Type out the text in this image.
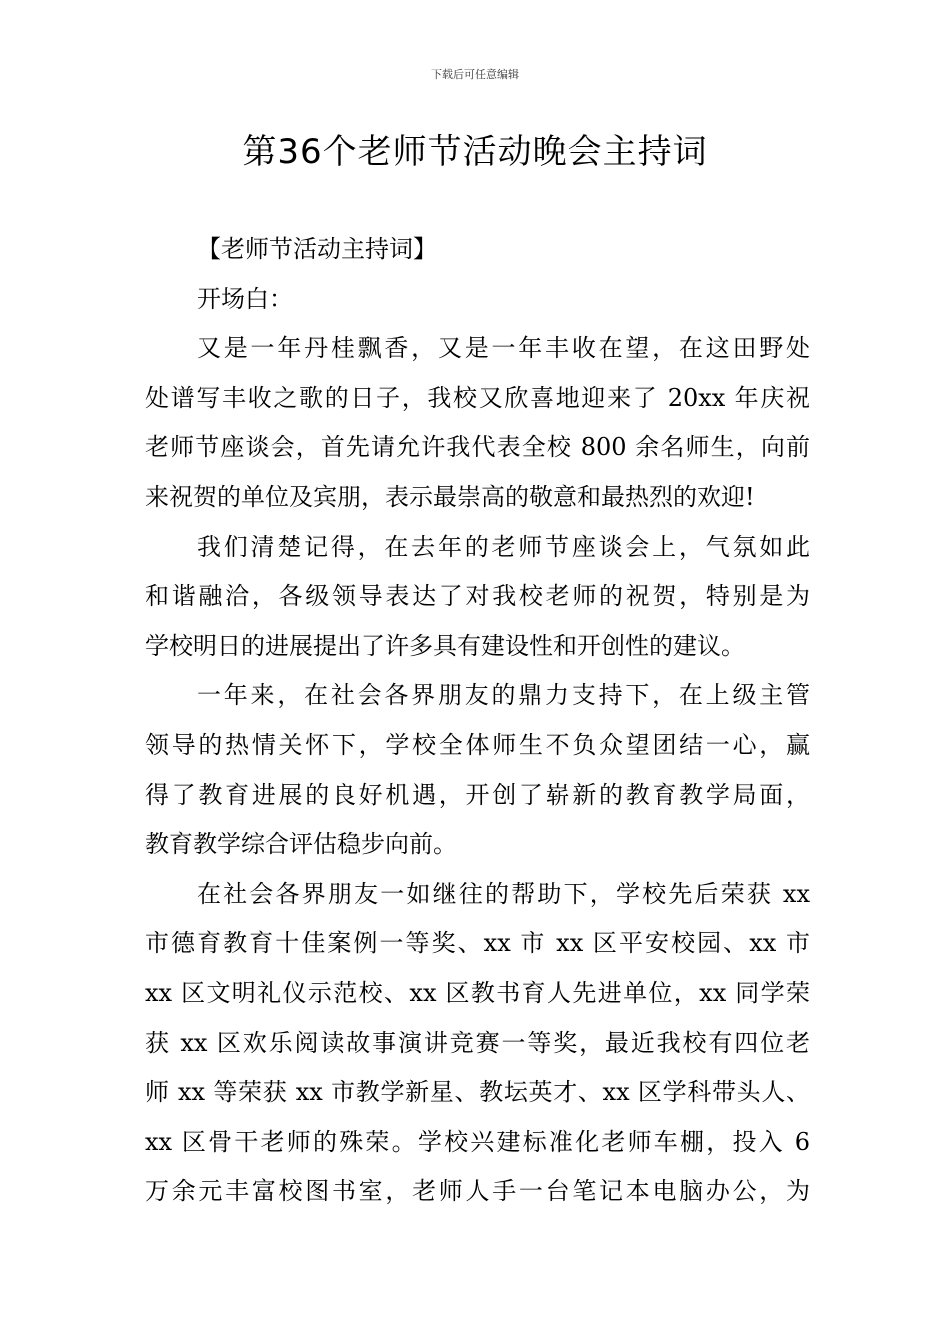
下载后可任意编辑
第36个老师节活动晚会主持词
【老师节活动主持词】
开场白：
又是一年丹桂飘香，又是一年丰收在望，在这田野处
处谱写丰收之歌的日子，我校又欣喜地迎来了 20xx 年庆祝
老师节座谈会，首先请允许我代表全校 800 余名师生，向前
来祝贺的单位及宾朋，表示最崇高的敬意和最热烈的欢迎!
我们清楚记得，在去年的老师节座谈会上，气氛如此
和谐融洽，各级领导表达了对我校老师的祝贺，特别是为
学校明日的进展提出了许多具有建设性和开创性的建议。
一年来，在社会各界朋友的鼎力支持下，在上级主管
领导的热情关怀下，学校全体师生不负众望团结一心，赢
得了教育进展的良好机遇，开创了崭新的教育教学局面，
教育教学综合评估稳步向前。
在社会各界朋友一如继往的帮助下，学校先后荣获 xx
市德育教育十佳案例一等奖、xx 市 xx 区平安校园、xx 市
xx 区文明礼仪示范校、xx 区教书育人先进单位，xx 同学荣
获 xx 区欢乐阅读故事演讲竞赛一等奖，最近我校有四位老
师 xx 等荣获 xx 市教学新星、教坛英才、xx 区学科带头人、
xx 区骨干老师的殊荣。学校兴建标准化老师车棚，投入 6
万余元丰富校图书室，老师人手一台笔记本电脑办公，为
